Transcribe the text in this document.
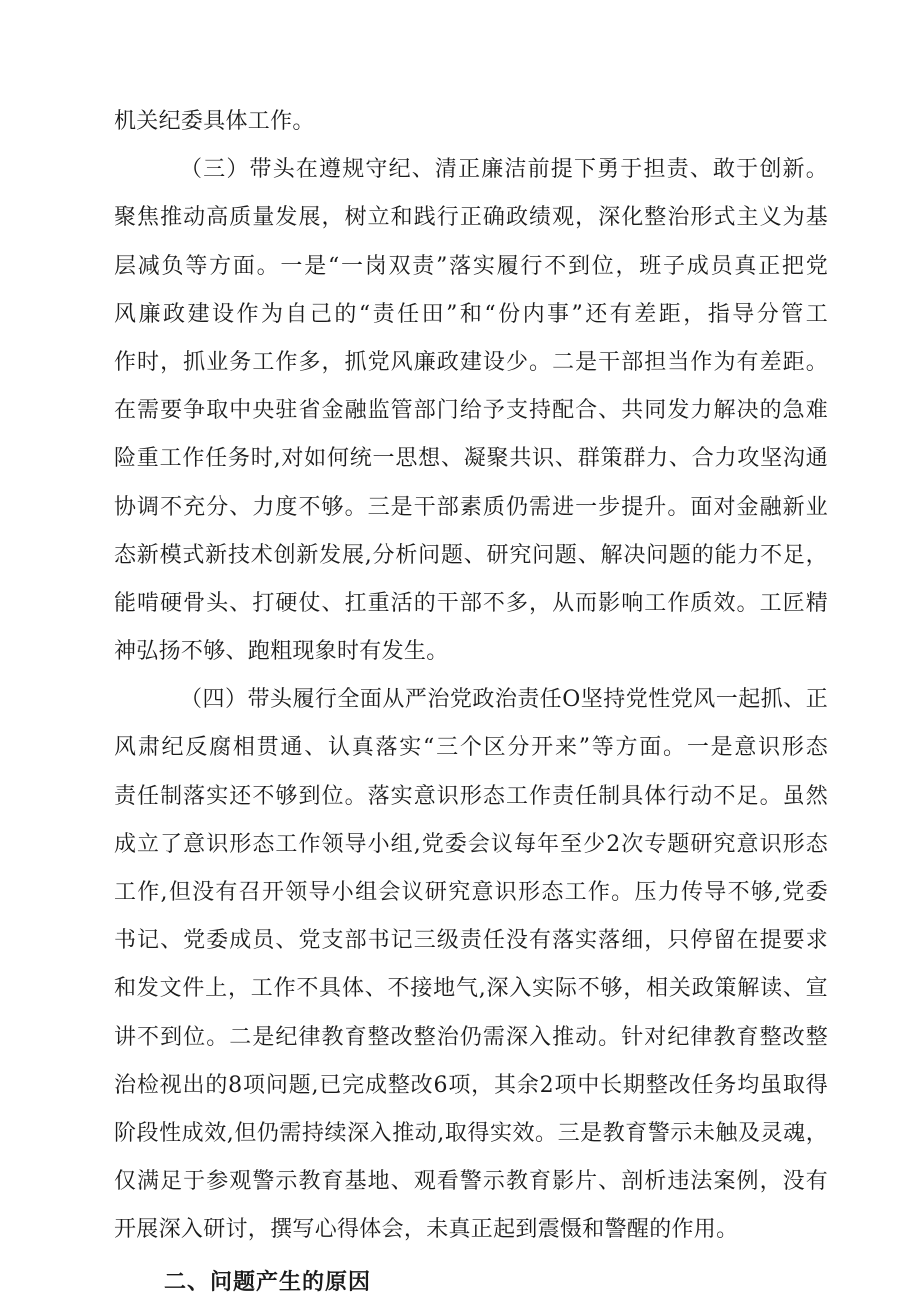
机关纪委具体工作。
（三）带头在遵规守纪、清正廉洁前提下勇于担责、敢于创新。
聚焦推动高质量发展，树立和践行正确政绩观，深化整治形式主义为基
层减负等方面。一是“一岗双责”落实履行不到位，班子成员真正把党
风廉政建设作为自己的“责任田”和“份内事”还有差距，指导分管工
作时，抓业务工作多，抓党风廉政建设少。二是干部担当作为有差距。
在需要争取中央驻省金融监管部门给予支持配合、共同发力解决的急难
险重工作任务时,对如何统一思想、凝聚共识、群策群力、合力攻坚沟通
协调不充分、力度不够。三是干部素质仍需进一步提升。面对金融新业
态新模式新技术创新发展,分析问题、研究问题、解决问题的能力不足，
能啃硬骨头、打硬仗、扛重活的干部不多，从而影响工作质效。工匠精
神弘扬不够、跑粗现象时有发生。
（四）带头履行全面从严治党政治责任O坚持党性党风一起抓、正
风肃纪反腐相贯通、认真落实“三个区分开来”等方面。一是意识形态
责任制落实还不够到位。落实意识形态工作责任制具体行动不足。虽然
成立了意识形态工作领导小组,党委会议每年至少2次专题研究意识形态
工作,但没有召开领导小组会议研究意识形态工作。压力传导不够,党委
书记、党委成员、党支部书记三级责任没有落实落细，只停留在提要求
和发文件上，工作不具体、不接地气,深入实际不够，相关政策解读、宣
讲不到位。二是纪律教育整改整治仍需深入推动。针对纪律教育整改整
治检视出的8项问题,已完成整改6项，其余2项中长期整改任务均虽取得
阶段性成效,但仍需持续深入推动,取得实效。三是教育警示未触及灵魂，
仅满足于参观警示教育基地、观看警示教育影片、剖析违法案例，没有
开展深入研讨，撰写心得体会，未真正起到震慑和警醒的作用。
二、问题产生的原因
